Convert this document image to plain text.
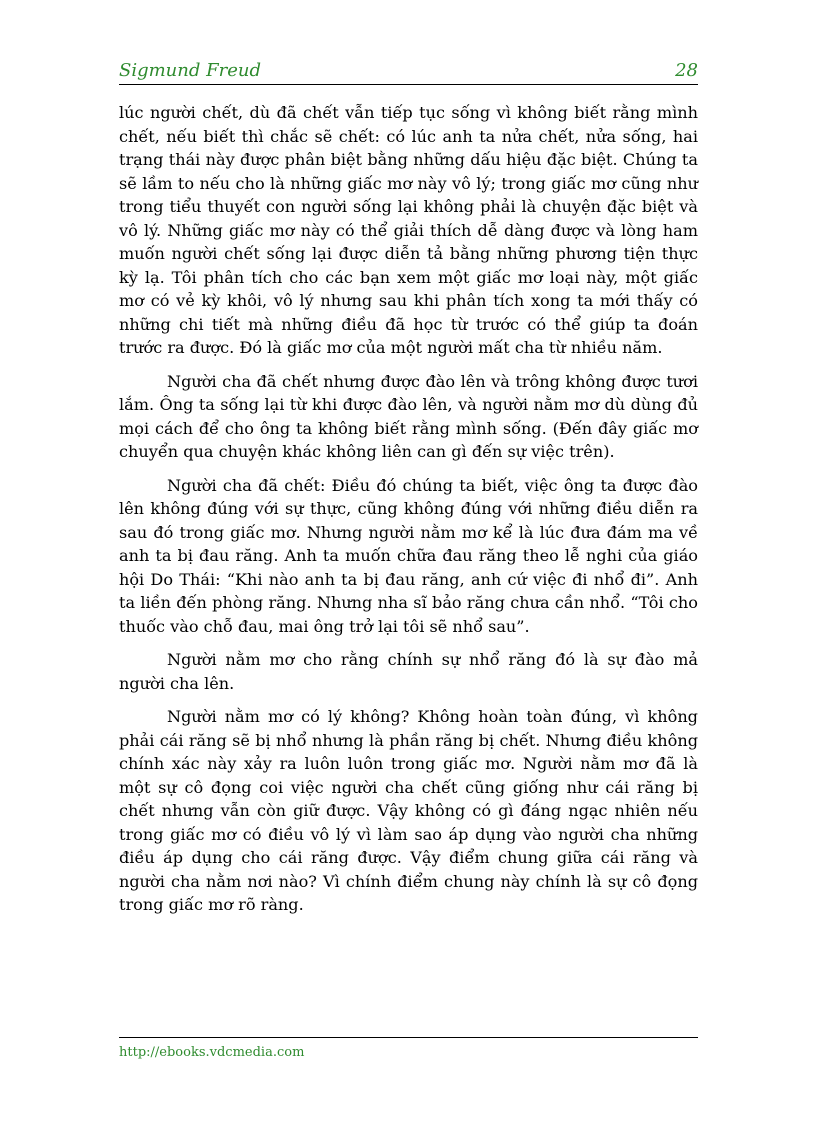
Sigmund Freud	28

lúc người chết, dù đã chết vẫn tiếp tục sống vì không biết rằng mình chết, nếu biết thì chắc sẽ chết: có lúc anh ta nửa chết, nửa sống, hai trạng thái này được phân biệt bằng những dấu hiệu đặc biệt. Chúng ta sẽ lầm to nếu cho là những giấc mơ này vô lý; trong giấc mơ cũng như trong tiểu thuyết con người sống lại không phải là chuyện đặc biệt và vô lý. Những giấc mơ này có thể giải thích dễ dàng được và lòng ham muốn người chết sống lại được diễn tả bằng những phương tiện thực kỳ lạ. Tôi phân tích cho các bạn xem một giấc mơ loại này, một giấc mơ có vẻ kỳ khôi, vô lý nhưng sau khi phân tích xong ta mới thấy có những chi tiết mà những điều đã học từ trước có thể giúp ta đoán trước ra được. Đó là giấc mơ của một người mất cha từ nhiều năm.

Người cha đã chết nhưng được đào lên và trông không được tươi lắm. Ông ta sống lại từ khi được đào lên, và người nằm mơ dù dùng đủ mọi cách để cho ông ta không biết rằng mình sống. (Đến đây giấc mơ chuyển qua chuyện khác không liên can gì đến sự việc trên).

Người cha đã chết: Điều đó chúng ta biết, việc ông ta được đào lên không đúng với sự thực, cũng không đúng với những điều diễn ra sau đó trong giấc mơ. Nhưng người nằm mơ kể là lúc đưa đám ma về anh ta bị đau răng. Anh ta muốn chữa đau răng theo lễ nghi của giáo hội Do Thái: “Khi nào anh ta bị đau răng, anh cứ việc đi nhổ đi”. Anh ta liền đến phòng răng. Nhưng nha sĩ bảo răng chưa cần nhổ. “Tôi cho thuốc vào chỗ đau, mai ông trở lại tôi sẽ nhổ sau”.

Người nằm mơ cho rằng chính sự nhổ răng đó là sự đào mả người cha lên.

Người nằm mơ có lý không? Không hoàn toàn đúng, vì không phải cái răng sẽ bị nhổ nhưng là phần răng bị chết. Nhưng điều không chính xác này xảy ra luôn luôn trong giấc mơ. Người nằm mơ đã là một sự cô đọng coi việc người cha chết cũng giống như cái răng bị chết nhưng vẫn còn giữ được. Vậy không có gì đáng ngạc nhiên nếu trong giấc mơ có điều vô lý vì làm sao áp dụng vào người cha những điều áp dụng cho cái răng được. Vậy điểm chung giữa cái răng và người cha nằm nơi nào? Vì chính điểm chung này chính là sự cô đọng trong giấc mơ rõ ràng.

http://ebooks.vdcmedia.com
